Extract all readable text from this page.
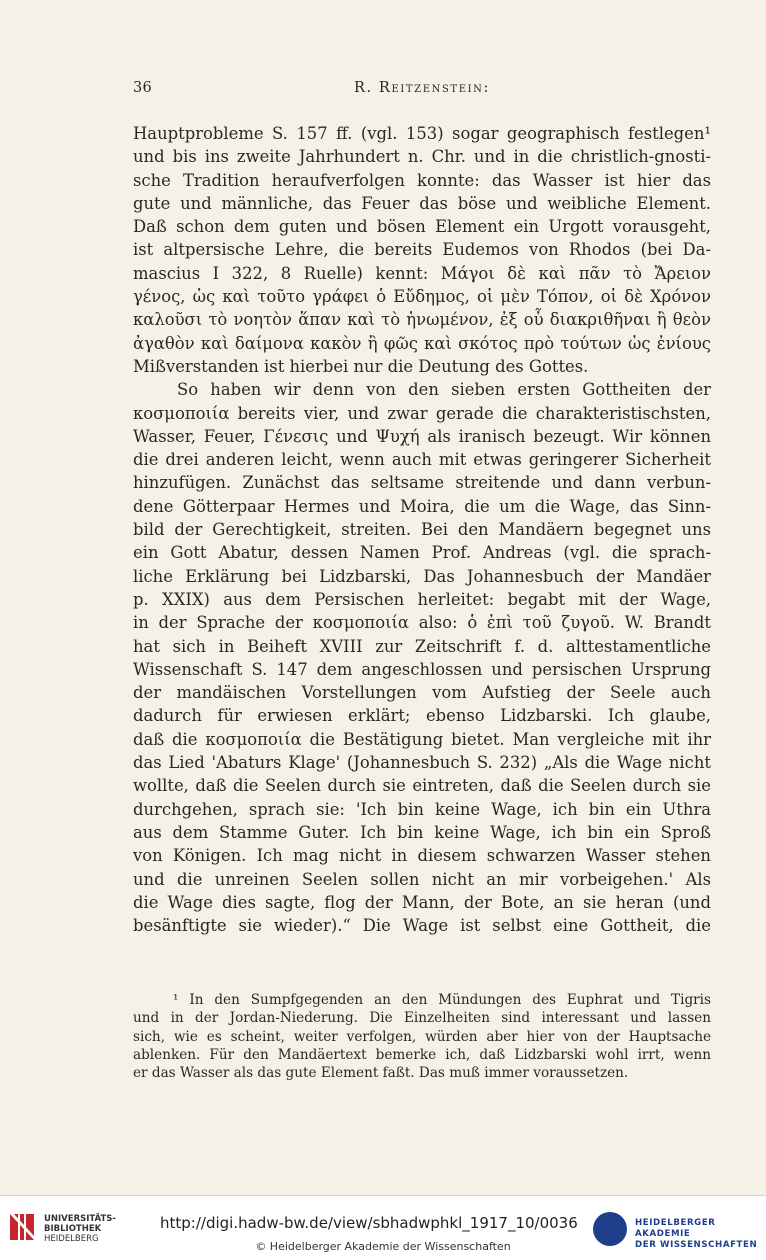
36	R. Reitzenstein:
Hauptprobleme S. 157 ff. (vgl. 153) sogar geographisch festlegen¹
und bis ins zweite Jahrhundert n. Chr. und in die christlich-gnosti-
sche Tradition heraufverfolgen konnte: das Wasser ist hier das
gute und männliche, das Feuer das böse und weibliche Element.
Daß schon dem guten und bösen Element ein Urgott vorausgeht,
ist altpersische Lehre, die bereits Eudemos von Rhodos (bei Da-
mascius I 322, 8 Ruelle) kennt: Μάγοι δὲ καὶ πᾶν τὸ Ἄρειον
γένος, ὡς καὶ τοῦτο γράφει ὁ Εὔδημος, οἱ μὲν Τόπον, οἱ δὲ Χρόνον
καλοῦσι τὸ νοητὸν ἅπαν καὶ τὸ ἡνωμένον, ἐξ οὗ διακριθῆναι ἢ θεὸν
ἀγαθὸν καὶ δαίμονα κακὸν ἢ φῶς καὶ σκότος πρὸ τούτων ὡς ἐνίους
Mißverstanden ist hierbei nur die Deutung des Gottes.
So haben wir denn von den sieben ersten Gottheiten der
κοσμοποιία bereits vier, und zwar gerade die charakteristischsten,
Wasser, Feuer, Γένεσις und Ψυχή als iranisch bezeugt. Wir können
die drei anderen leicht, wenn auch mit etwas geringerer Sicherheit
hinzufügen. Zunächst das seltsame streitende und dann verbun-
dene Götterpaar Hermes und Moira, die um die Wage, das Sinn-
bild der Gerechtigkeit, streiten. Bei den Mandäern begegnet uns
ein Gott Abatur, dessen Namen Prof. Andreas (vgl. die sprach-
liche Erklärung bei Lidzbarski, Das Johannesbuch der Mandäer
p. XXIX) aus dem Persischen herleitet: begabt mit der Wage,
in der Sprache der κοσμοποιία also: ὁ ἐπὶ τοῦ ζυγοῦ. W. Brandt
hat sich in Beiheft XVIII zur Zeitschrift f. d. alttestamentliche
Wissenschaft S. 147 dem angeschlossen und persischen Ursprung
der mandäischen Vorstellungen vom Aufstieg der Seele auch
dadurch für erwiesen erklärt; ebenso Lidzbarski. Ich glaube,
daß die κοσμοποιία die Bestätigung bietet. Man vergleiche mit ihr
das Lied 'Abaturs Klage' (Johannesbuch S. 232) „Als die Wage nicht
wollte, daß die Seelen durch sie eintreten, daß die Seelen durch sie
durchgehen, sprach sie: 'Ich bin keine Wage, ich bin ein Uthra
aus dem Stamme Guter. Ich bin keine Wage, ich bin ein Sproß
von Königen. Ich mag nicht in diesem schwarzen Wasser stehen
und die unreinen Seelen sollen nicht an mir vorbeigehen.' Als
die Wage dies sagte, flog der Mann, der Bote, an sie heran (und
besänftigte sie wieder).“ Die Wage ist selbst eine Gottheit, die
¹ In den Sumpfgegenden an den Mündungen des Euphrat und Tigris
und in der Jordan-Niederung. Die Einzelheiten sind interessant und lassen
sich, wie es scheint, weiter verfolgen, würden aber hier von der Hauptsache
ablenken. Für den Mandäertext bemerke ich, daß Lidzbarski wohl irrt, wenn
er das Wasser als das gute Element faßt. Das muß immer voraussetzen.
UNIVERSITÄTS-
BIBLIOTHEK
HEIDELBERG
http://digi.hadw-bw.de/view/sbhadwphkl_1917_10/0036
© Heidelberger Akademie der Wissenschaften
HEIDELBERGER AKADEMIE
DER WISSENSCHAFTEN
